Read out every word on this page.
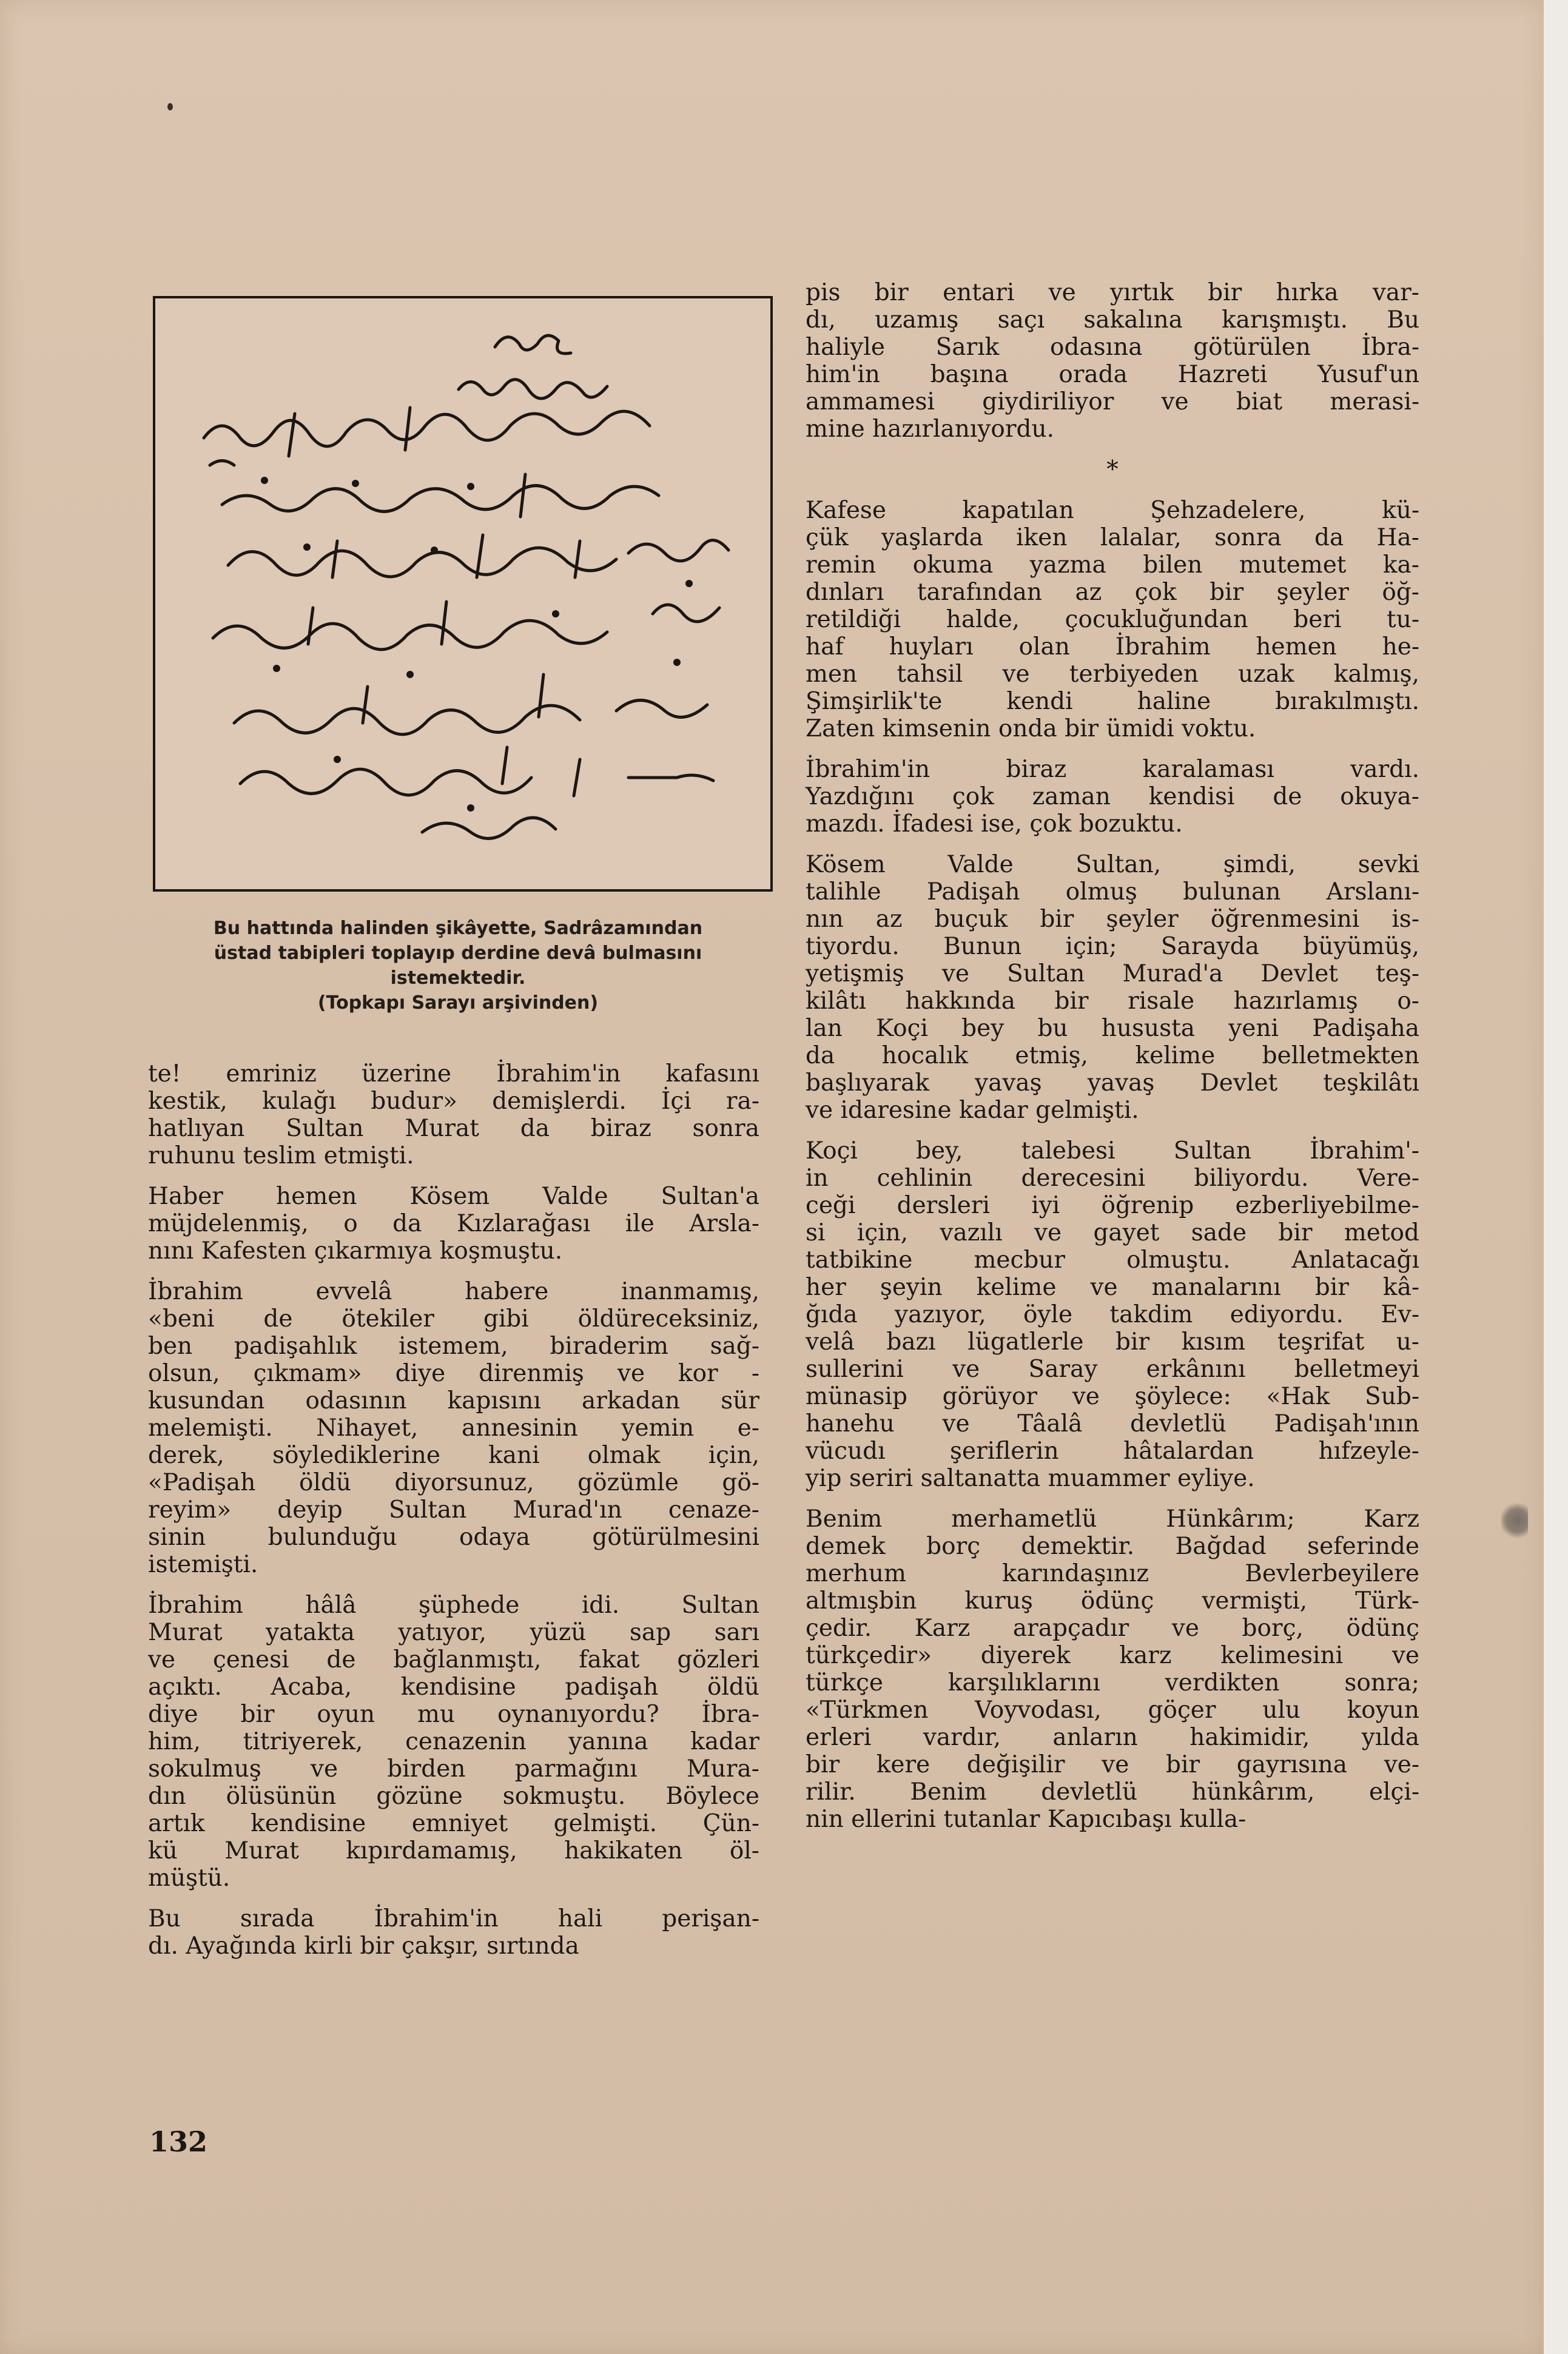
Bu hattında halinden şikâyette, Sadrâzamından
üstad tabipleri toplayıp derdine devâ bulmasını
istemektedir.
(Topkapı Sarayı arşivinden)
te! emriniz üzerine İbrahim'in kafasını
kestik, kulağı budur» demişlerdi. İçi ra-
hatlıyan Sultan Murat da biraz sonra
ruhunu teslim etmişti.
Haber hemen Kösem Valde Sultan'a
müjdelenmiş, o da Kızlarağası ile Arsla-
nını Kafesten çıkarmıya koşmuştu.
İbrahim evvelâ habere inanmamış,
«beni de ötekiler gibi öldüreceksiniz,
ben padişahlık istemem, biraderim sağ-
olsun, çıkmam» diye direnmiş ve kor -
kusundan odasının kapısını arkadan sür
melemişti. Nihayet, annesinin yemin e-
derek, söylediklerine kani olmak için,
«Padişah öldü diyorsunuz, gözümle gö-
reyim» deyip Sultan Murad'ın cenaze-
sinin bulunduğu odaya götürülmesini
istemişti.
İbrahim hâlâ şüphede idi. Sultan
Murat yatakta yatıyor, yüzü sap sarı
ve çenesi de bağlanmıştı, fakat gözleri
açıktı. Acaba, kendisine padişah öldü
diye bir oyun mu oynanıyordu? İbra-
him, titriyerek, cenazenin yanına kadar
sokulmuş ve birden parmağını Mura-
dın ölüsünün gözüne sokmuştu. Böylece
artık kendisine emniyet gelmişti. Çün-
kü Murat kıpırdamamış, hakikaten öl-
müştü.
Bu sırada İbrahim'in hali perişan-
dı. Ayağında kirli bir çakşır, sırtında
pis bir entari ve yırtık bir hırka var-
dı, uzamış saçı sakalına karışmıştı. Bu
haliyle Sarık odasına götürülen İbra-
him'in başına orada Hazreti Yusuf'un
ammamesi giydiriliyor ve biat merasi-
mine hazırlanıyordu.
*
Kafese kapatılan Şehzadelere, kü-
çük yaşlarda iken lalalar, sonra da Ha-
remin okuma yazma bilen mutemet ka-
dınları tarafından az çok bir şeyler öğ-
retildiği halde, çocukluğundan beri tu-
haf huyları olan İbrahim hemen he-
men tahsil ve terbiyeden uzak kalmış,
Şimşirlik'te kendi haline bırakılmıştı.
Zaten kimsenin onda bir ümidi voktu.
İbrahim'in biraz karalaması vardı.
Yazdığını çok zaman kendisi de okuya-
mazdı. İfadesi ise, çok bozuktu.
Kösem Valde Sultan, şimdi, sevki
talihle Padişah olmuş bulunan Arslanı-
nın az buçuk bir şeyler öğrenmesini is-
tiyordu. Bunun için; Sarayda büyümüş,
yetişmiş ve Sultan Murad'a Devlet teş-
kilâtı hakkında bir risale hazırlamış o-
lan Koçi bey bu hususta yeni Padişaha
da hocalık etmiş, kelime belletmekten
başlıyarak yavaş yavaş Devlet teşkilâtı
ve idaresine kadar gelmişti.
Koçi bey, talebesi Sultan İbrahim'-
in cehlinin derecesini biliyordu. Vere-
ceği dersleri iyi öğrenip ezberliyebilme-
si için, vazılı ve gayet sade bir metod
tatbikine mecbur olmuştu. Anlatacağı
her şeyin kelime ve manalarını bir kâ-
ğıda yazıyor, öyle takdim ediyordu. Ev-
velâ bazı lügatlerle bir kısım teşrifat u-
sullerini ve Saray erkânını belletmeyi
münasip görüyor ve şöylece: «Hak Sub-
hanehu ve Tâalâ devletlü Padişah'ının
vücudı şeriflerin hâtalardan hıfzeyle-
yip seriri saltanatta muammer eyliye.
Benim merhametlü Hünkârım; Karz
demek borç demektir. Bağdad seferinde
merhum karındaşınız Bevlerbeyilere
altmışbin kuruş ödünç vermişti, Türk-
çedir. Karz arapçadır ve borç, ödünç
türkçedir» diyerek karz kelimesini ve
türkçe karşılıklarını verdikten sonra;
«Türkmen Voyvodası, göçer ulu koyun
erleri vardır, anların hakimidir, yılda
bir kere değişilir ve bir gayrısına ve-
rilir. Benim devletlü hünkârım, elçi-
nin ellerini tutanlar Kapıcıbaşı kulla-
132
